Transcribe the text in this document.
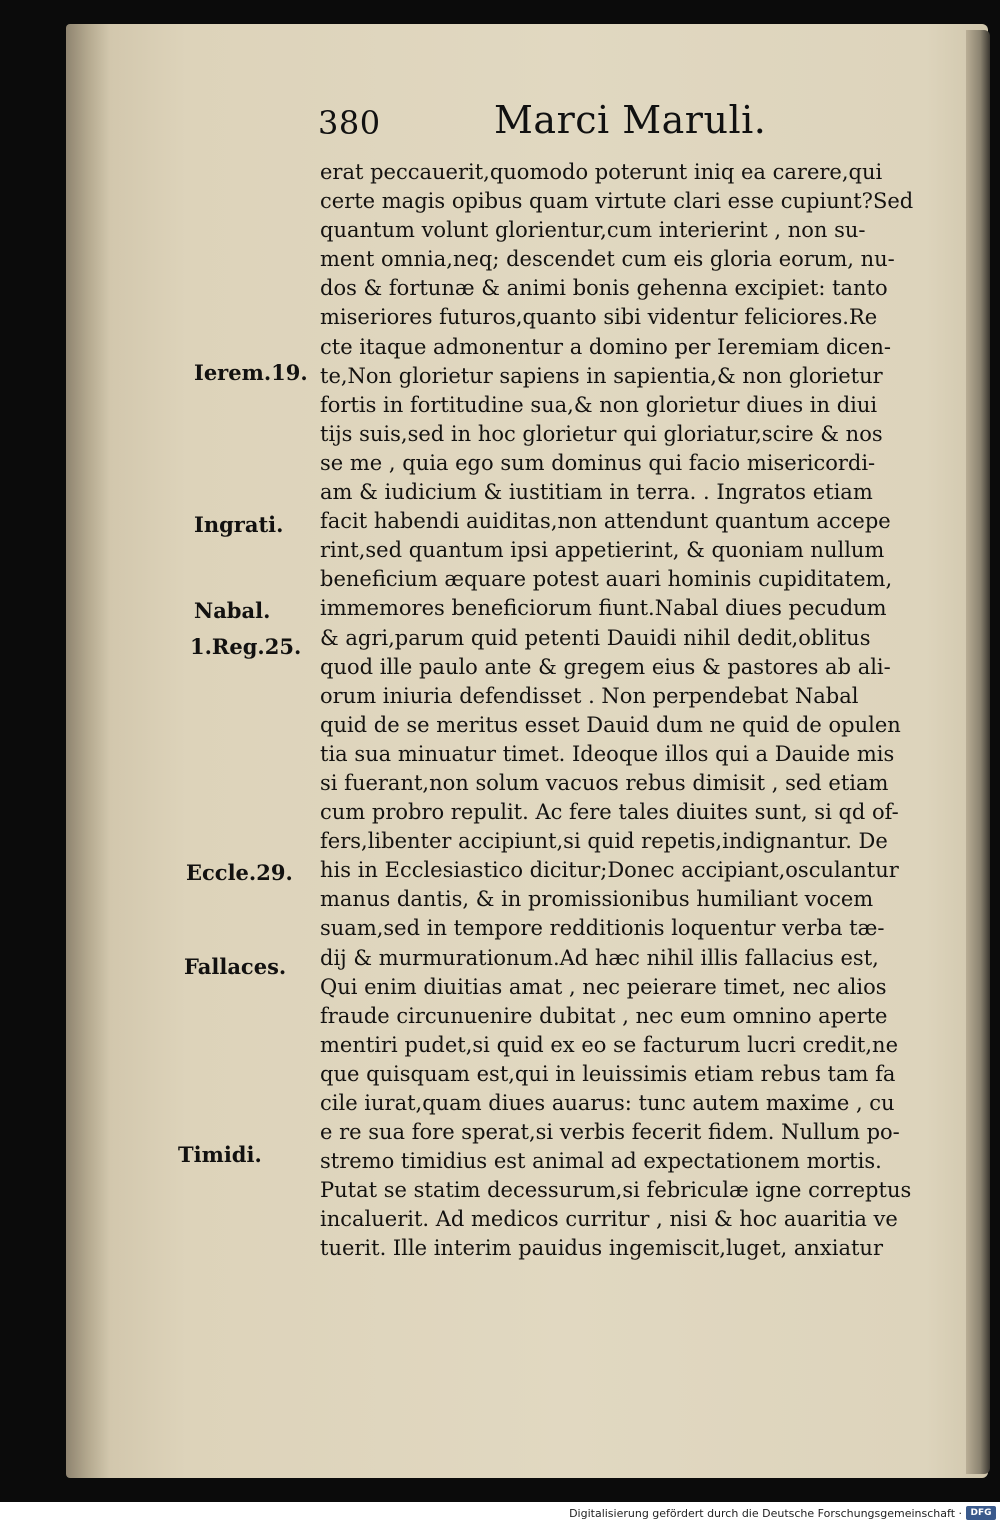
380	Marci Maruli.
erat peccauerit,quomodo poterunt iniq ea carere,qui
certe magis opibus quam virtute clari esse cupiunt?Sed
quantum volunt glorientur,cum interierint , non su-
ment omnia,neq; descendet cum eis gloria eorum, nu-
dos & fortunæ & animi bonis gehenna excipiet: tanto
miseriores futuros,quanto sibi videntur feliciores.Re
cte itaque admonentur a domino per Ieremiam dicen-
te,Non glorietur sapiens in sapientia,& non glorietur
fortis in fortitudine sua,& non glorietur diues in diui
tijs suis,sed in hoc glorietur qui gloriatur,scire & nos
se me , quia ego sum dominus qui facio misericordi-
am & iudicium & iustitiam in terra. . Ingratos etiam
facit habendi auiditas,non attendunt quantum accepe
rint,sed quantum ipsi appetierint, & quoniam nullum
beneficium æquare potest auari hominis cupiditatem,
immemores beneficiorum fiunt.Nabal diues pecudum
& agri,parum quid petenti Dauidi nihil dedit,oblitus
quod ille paulo ante & gregem eius & pastores ab ali-
orum iniuria defendisset . Non perpendebat Nabal
quid de se meritus esset Dauid dum ne quid de opulen
tia sua minuatur timet. Ideoque illos qui a Dauide mis
si fuerant,non solum vacuos rebus dimisit , sed etiam
cum probro repulit. Ac fere tales diuites sunt, si qd of-
fers,libenter accipiunt,si quid repetis,indignantur. De
his in Ecclesiastico dicitur;Donec accipiant,osculantur
manus dantis, & in promissionibus humiliant vocem
suam,sed in tempore redditionis loquentur verba tæ-
dij & murmurationum.Ad hæc nihil illis fallacius est,
Qui enim diuitias amat , nec peierare timet, nec alios
fraude circunuenire dubitat , nec eum omnino aperte
mentiri pudet,si quid ex eo se facturum lucri credit,ne
que quisquam est,qui in leuissimis etiam rebus tam fa
cile iurat,quam diues auarus: tunc autem maxime , cu
e re sua fore sperat,si verbis fecerit fidem. Nullum po-
stremo timidius est animal ad expectationem mortis.
Putat se statim decessurum,si febriculæ igne correptus
incaluerit. Ad medicos curritur , nisi & hoc auaritia ve
tuerit. Ille interim pauidus ingemiscit,luget, anxiatur
Ierem.19.
Ingrati.
Nabal.
1.Reg.25.
Eccle.29.
Fallaces.
Timidi.
Digitalisierung gefördert durch die Deutsche Forschungsgemeinschaft · DFG
